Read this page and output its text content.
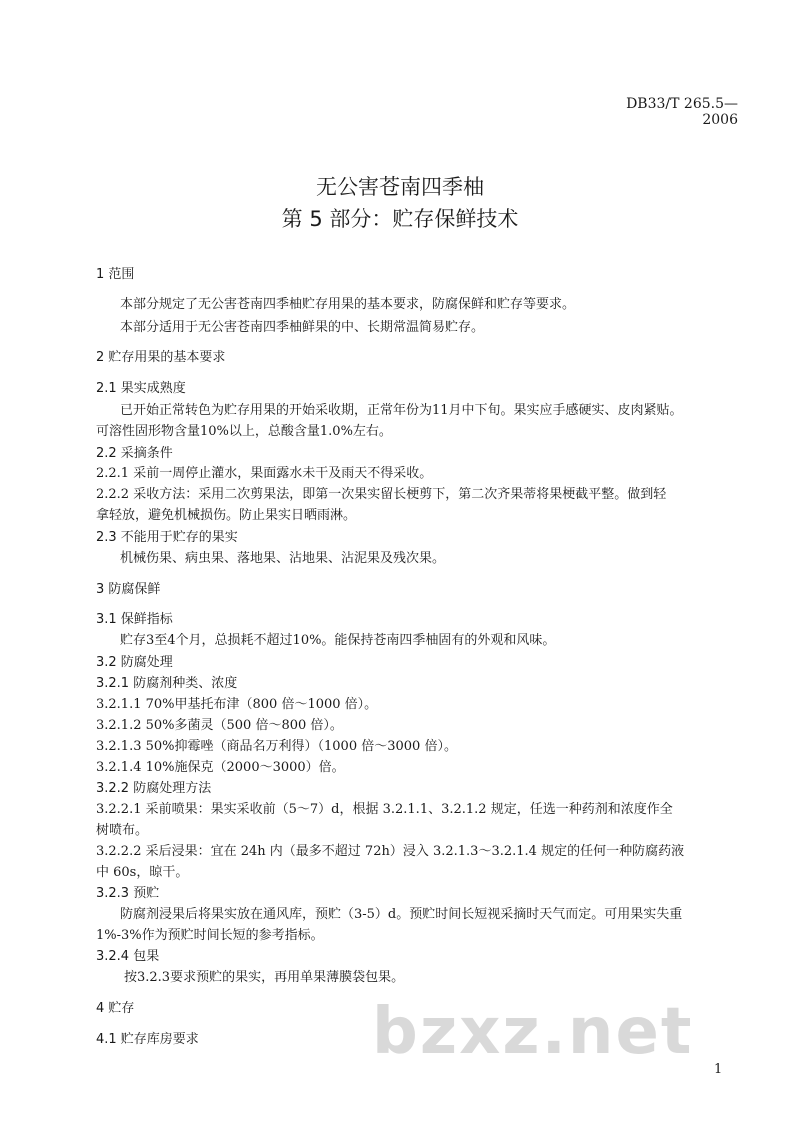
DB33/T 265.5—2006
无公害苍南四季柚
第 5 部分：贮存保鲜技术
1 范围
本部分规定了无公害苍南四季柚贮存用果的基本要求，防腐保鲜和贮存等要求。
本部分适用于无公害苍南四季柚鲜果的中、长期常温简易贮存。
2 贮存用果的基本要求
2.1 果实成熟度
已开始正常转色为贮存用果的开始采收期，正常年份为11月中下旬。果实应手感硬实、皮肉紧贴。
可溶性固形物含量10%以上，总酸含量1.0%左右。
2.2 采摘条件
2.2.1 采前一周停止灌水，果面露水未干及雨天不得采收。
2.2.2 采收方法：采用二次剪果法，即第一次果实留长梗剪下，第二次齐果蒂将果梗截平整。做到轻
拿轻放，避免机械损伤。防止果实日晒雨淋。
2.3 不能用于贮存的果实
机械伤果、病虫果、落地果、沾地果、沾泥果及残次果。
3 防腐保鲜
3.1 保鲜指标
贮存3至4个月，总损耗不超过10%。能保持苍南四季柚固有的外观和风味。
3.2 防腐处理
3.2.1 防腐剂种类、浓度
3.2.1.1 70%甲基托布津（800 倍～1000 倍）。
3.2.1.2 50%多菌灵（500 倍～800 倍）。
3.2.1.3 50%抑霉唑（商品名万利得）（1000 倍～3000 倍）。
3.2.1.4 10%施保克（2000～3000）倍。
3.2.2 防腐处理方法
3.2.2.1 采前喷果：果实采收前（5～7）d，根据 3.2.1.1、3.2.1.2 规定，任选一种药剂和浓度作全
树喷布。
3.2.2.2 采后浸果：宜在 24h 内（最多不超过 72h）浸入 3.2.1.3～3.2.1.4 规定的任何一种防腐药液
中 60s，晾干。
3.2.3 预贮
防腐剂浸果后将果实放在通风库，预贮（3-5）d。预贮时间长短视采摘时天气而定。可用果实失重
1%-3%作为预贮时间长短的参考指标。
3.2.4 包果
按3.2.3要求预贮的果实，再用单果薄膜袋包果。
4 贮存
4.1 贮存库房要求	bzxz.net
1
